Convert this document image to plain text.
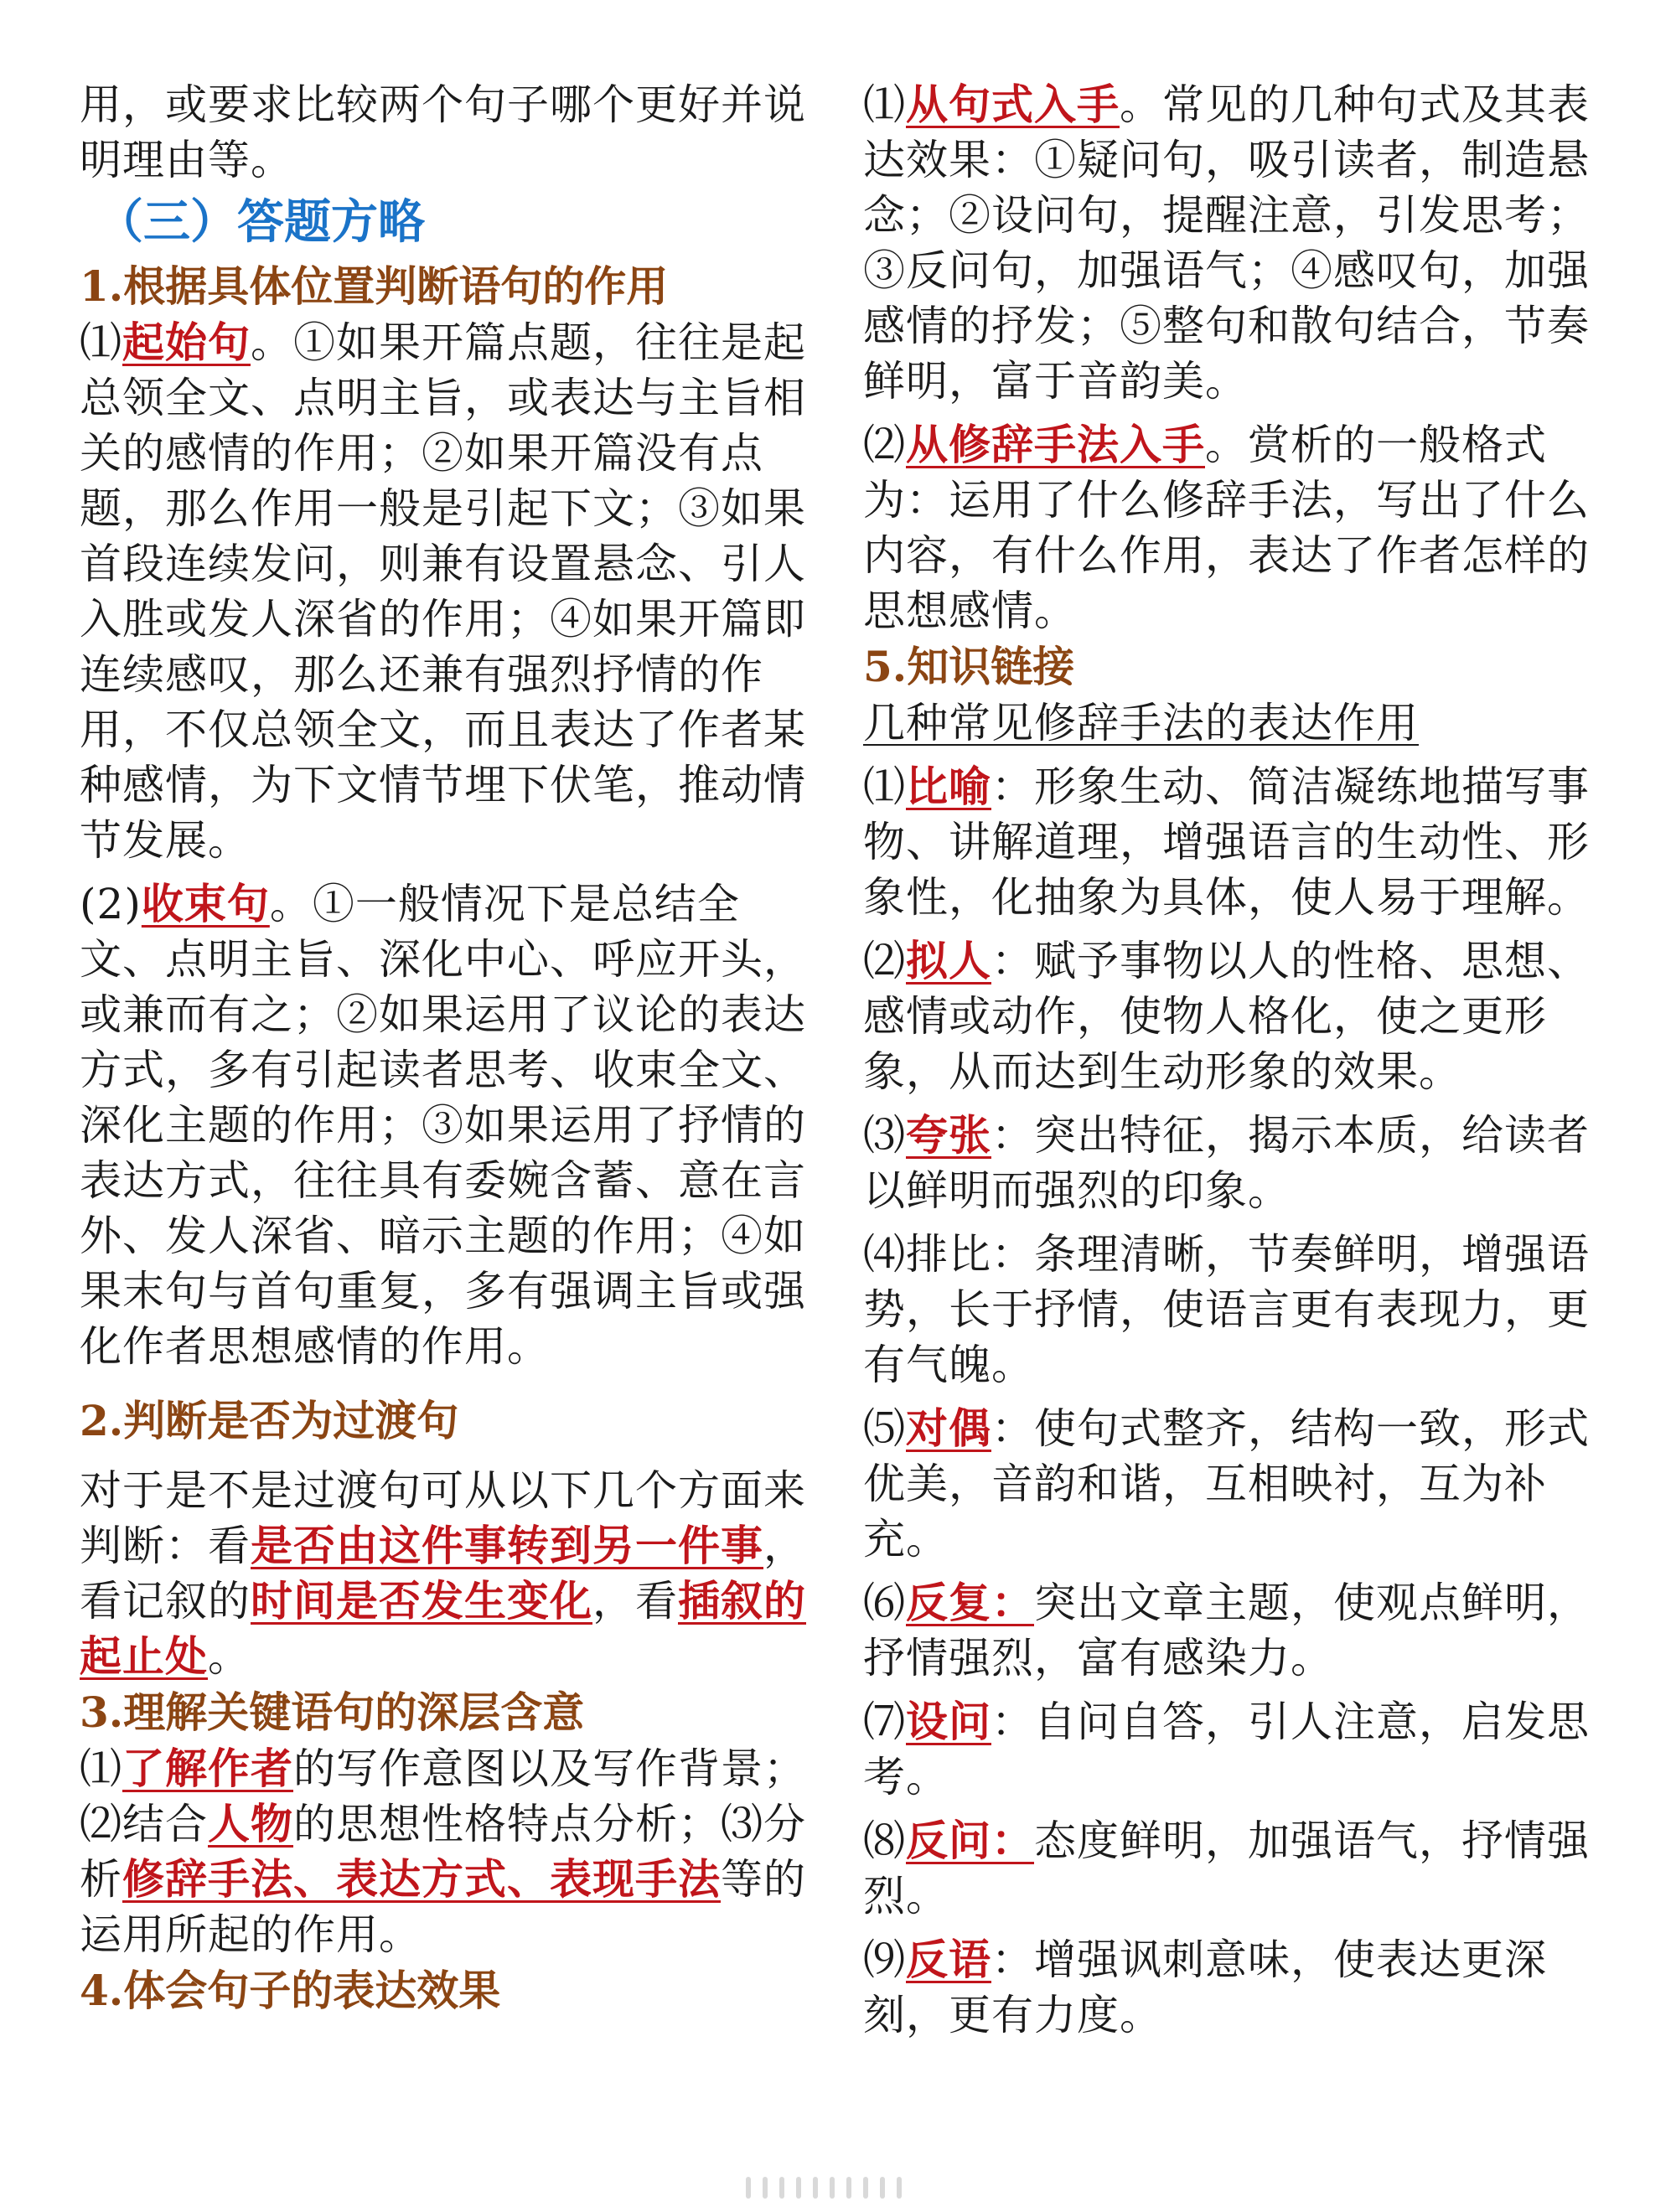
用，或要求比较两个句子哪个更好并说明理由等。

（三）答题方略

1.根据具体位置判断语句的作用

⑴起始句。①如果开篇点题，往往是起总领全文、点明主旨，或表达与主旨相关的感情的作用；②如果开篇没有点题，那么作用一般是引起下文；③如果首段连续发问，则兼有设置悬念、引人入胜或发人深省的作用；④如果开篇即连续感叹，那么还兼有强烈抒情的作用，不仅总领全文，而且表达了作者某种感情，为下文情节埋下伏笔，推动情节发展。

(2)收束句。①一般情况下是总结全文、点明主旨、深化中心、呼应开头，或兼而有之；②如果运用了议论的表达方式，多有引起读者思考、收束全文、深化主题的作用；③如果运用了抒情的表达方式，往往具有委婉含蓄、意在言外、发人深省、暗示主题的作用；④如果末句与首句重复，多有强调主旨或强化作者思想感情的作用。

2.判断是否为过渡句

对于是不是过渡句可从以下几个方面来判断：看是否由这件事转到另一件事，看记叙的时间是否发生变化，看插叙的起止处。

3.理解关键语句的深层含意

⑴了解作者的写作意图以及写作背景；⑵结合人物的思想性格特点分析；⑶分析修辞手法、表达方式、表现手法等的运用所起的作用。

4.体会句子的表达效果

⑴从句式入手。常见的几种句式及其表达效果：①疑问句，吸引读者，制造悬念；②设问句，提醒注意，引发思考；③反问句，加强语气；④感叹句，加强感情的抒发；⑤整句和散句结合，节奏鲜明，富于音韵美。

⑵从修辞手法入手。赏析的一般格式为：运用了什么修辞手法，写出了什么内容，有什么作用，表达了作者怎样的思想感情。

5.知识链接

几种常见修辞手法的表达作用

⑴比喻：形象生动、简洁凝练地描写事物、讲解道理，增强语言的生动性、形象性，化抽象为具体，使人易于理解。

⑵拟人：赋予事物以人的性格、思想、感情或动作，使物人格化，使之更形象，从而达到生动形象的效果。

⑶夸张：突出特征，揭示本质，给读者以鲜明而强烈的印象。

⑷排比：条理清晰，节奏鲜明，增强语势，长于抒情，使语言更有表现力，更有气魄。

⑸对偶：使句式整齐，结构一致，形式优美，音韵和谐，互相映衬，互为补充。

⑹反复：突出文章主题，使观点鲜明，抒情强烈，富有感染力。

⑺设问：自问自答，引人注意，启发思考。

⑻反问：态度鲜明，加强语气，抒情强烈。

⑼反语：增强讽刺意味，使表达更深刻，更有力度。
